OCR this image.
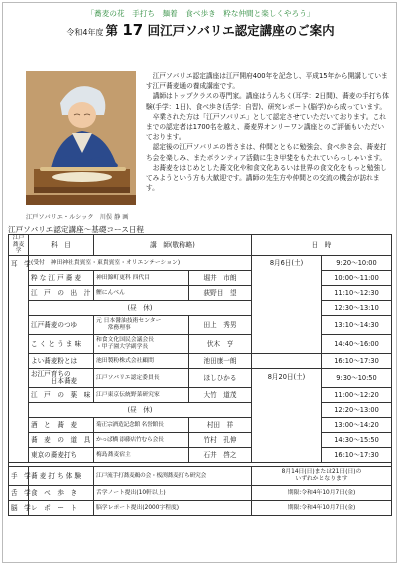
「蕎麦の花　手打ち　麺着　食べ歩き　粋な仲間と楽しくやろう」
令和4年度 第 17 回江戸ソバリエ認定講座のご案内
江戸ソバリエ・ルシック　川俣 静 画

江戸ソバリエ認定講座は江戸開府400年を記念し、平成15年から開講しています江戸蕎麦通の養成講座です。

講師はトップクラスの専門家。講座はうんちく(耳学：2日間)、蕎麦の手打ち体験(手学：1日)、食べ歩き(舌学：自習)、研究レポート(脳学)から成っています。

卒業された方は「江戸ソバリエ」として認定させていただいております。これまでの認定者は1700名を越え、蕎麦界オンリーワン講座とのご評価もいただいております。

認定後の江戸ソバリエの皆さまは、仲間とともに勉強会、食べ歩き会、蕎麦打ち会を楽しみ、またボランティア活動に生き甲斐をもたれていらっしゃいます。

お蕎麦をはじめとした蕎文化や和食文化あるいは世界の食文化をもっと勉強してみようという方も大歓迎です。講師の先生方や仲間との交流の機会が訪れます。

江戸ソバリエ認定講座～基礎コース日程
江戸
蕎麦学	科　目	講　師(敬称略)		日　時	
耳　学	(受付　神田神社貴賓室・東貴賓室・オリエンテーション)			8月6日(土)	9:20～10:00
	粋 な 江 戸 蕎 麦	神田錦町更科 四代目	堀井　市朗		10:00～11:00
	江　戸　の　出　汁	鰹にんべん	荻野目　望		11:10～12:30
	(昼　休)				12:30～13:10
	江戸蕎麦のつゆ	元 日本醤油技術センター
　　常務理事	田上　秀男		13:10～14:30
	こ く と う ま 味	和食文化国民会議会長
・甲子園大学副学長	伏木　亨		14:40～16:00
	よい蕎麦粉とは	池田製粉株式会社顧問	池田康一朗		16:10～17:30
	お江戸育ちの
　　　日本蕎麦	江戸ソバリエ認定委員長	ほしひかる	8月20日(土)	9:30～10:50
	江　戸　の　薬　味	江戸東京伝統野菜研究家	大竹　道茂		11:00～12:20
	(昼　休)				12:20～13:00
	酒　と　蕎　麦	菊正宗酒造記念館 名誉館長	村田　祥		13:00～14:20
	蕎　麦　の　道　具	かっぱ橋 添藤店竹むら会長	竹村　孔伸		14:30～15:50
	東京の蕎麦打ち	梅島蕎麦宿主	石井　啓之		16:10～17:30

手　学	蕎 麦 打 ち 体 験	江戸流手打蕎麦鵜の会・板渕蕎麦打ち研究会		8月14日(日)または21日(日)の
いずれかとなります	
舌　学	食　べ　歩　き	舌学ノート提出(10軒以上)		期限:令和4年10月7日(金)	
脳　学	レ　ポ　ー　ト	脳学レポート提出(2000字程度)		期限:令和4年10月7日(金)	
